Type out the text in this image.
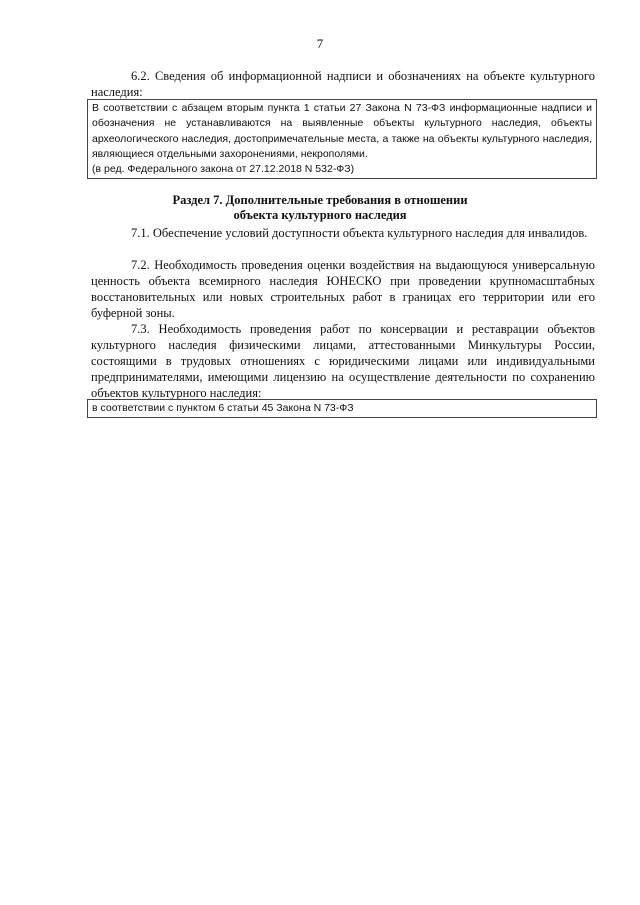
7
6.2. Сведения об информационной надписи и обозначениях на объекте культурного наследия:
В соответствии с абзацем вторым пункта 1 статьи 27 Закона N 73-ФЗ информационные надписи и обозначения не устанавливаются на выявленные объекты культурного наследия, объекты археологического наследия, достопримечательные места, а также на объекты культурного наследия, являющиеся отдельными захоронениями, некрополями.
(в ред. Федерального закона от 27.12.2018 N 532-ФЗ)
Раздел 7. Дополнительные требования в отношении
объекта культурного наследия
7.1. Обеспечение условий доступности объекта культурного наследия для инвалидов.
7.2. Необходимость проведения оценки воздействия на выдающуюся универсальную ценность объекта всемирного наследия ЮНЕСКО при проведении крупномасштабных восстановительных или новых строительных работ в границах его территории или его буферной зоны.
7.3. Необходимость проведения работ по консервации и реставрации объектов культурного наследия физическими лицами, аттестованными Минкультуры России, состоящими в трудовых отношениях с юридическими лицами или индивидуальными предпринимателями, имеющими лицензию на осуществление деятельности по сохранению объектов культурного наследия:
в соответствии с пунктом 6 статьи 45 Закона N 73-ФЗ
